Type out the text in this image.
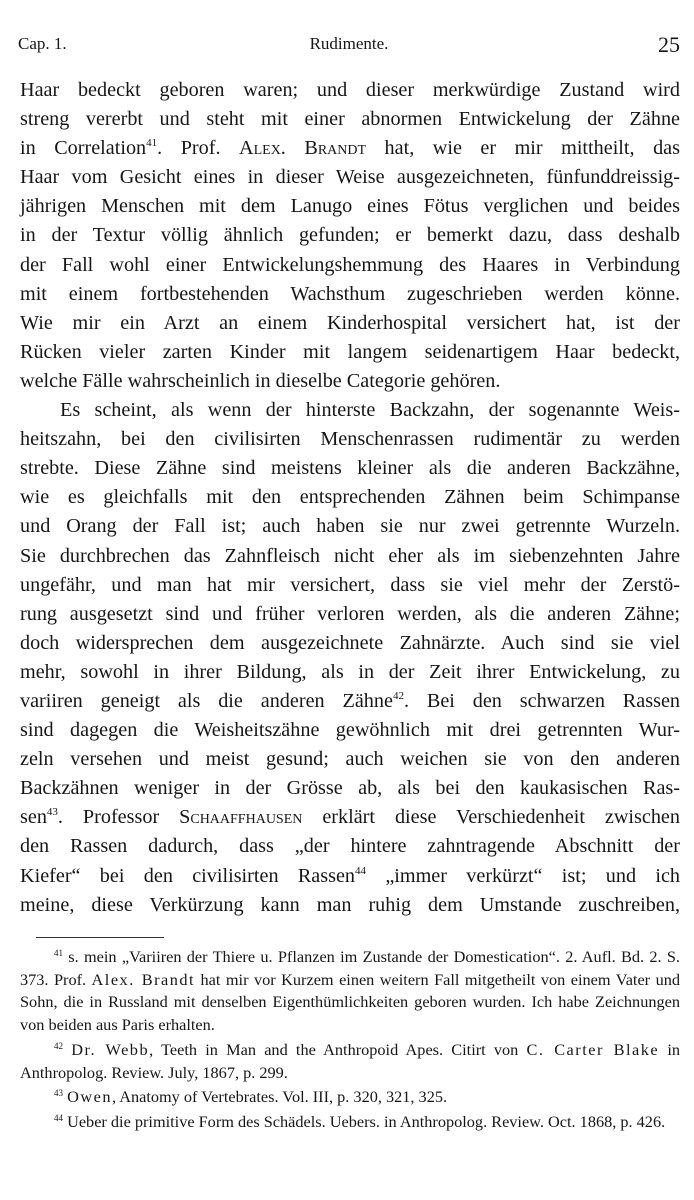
Cap. 1.	Rudimente.	25

Haar bedeckt geboren waren; und dieser merkwürdige Zustand wird

streng vererbt und steht mit einer abnormen Entwickelung der Zähne

in Correlation$^{41}$. Prof. Alex. Brandt hat, wie er mir mittheilt, das

Haar vom Gesicht eines in dieser Weise ausgezeichneten, fünfunddreissig-

jährigen Menschen mit dem Lanugo eines Fötus verglichen und beides

in der Textur völlig ähnlich gefunden; er bemerkt dazu, dass deshalb

der Fall wohl einer Entwickelungshemmung des Haares in Verbindung

mit einem fortbestehenden Wachsthum zugeschrieben werden könne.

Wie mir ein Arzt an einem Kinderhospital versichert hat, ist der

Rücken vieler zarten Kinder mit langem seidenartigem Haar bedeckt,

welche Fälle wahrscheinlich in dieselbe Categorie gehören.

Es scheint, als wenn der hinterste Backzahn, der sogenannte Weis-

heitszahn, bei den civilisirten Menschenrassen rudimentär zu werden

strebte. Diese Zähne sind meistens kleiner als die anderen Backzähne,

wie es gleichfalls mit den entsprechenden Zähnen beim Schimpanse

und Orang der Fall ist; auch haben sie nur zwei getrennte Wurzeln.

Sie durchbrechen das Zahnfleisch nicht eher als im siebenzehnten Jahre

ungefähr, und man hat mir versichert, dass sie viel mehr der Zerstö-

rung ausgesetzt sind und früher verloren werden, als die anderen Zähne;

doch widersprechen dem ausgezeichnete Zahnärzte. Auch sind sie viel

mehr, sowohl in ihrer Bildung, als in der Zeit ihrer Entwickelung, zu

variiren geneigt als die anderen Zähne$^{42}$. Bei den schwarzen Rassen

sind dagegen die Weisheitszähne gewöhnlich mit drei getrennten Wur-

zeln versehen und meist gesund; auch weichen sie von den anderen

Backzähnen weniger in der Grösse ab, als bei den kaukasischen Ras-

sen$^{43}$. Professor Schaaffhausen erklärt diese Verschiedenheit zwischen

den Rassen dadurch, dass „der hintere zahntragende Abschnitt der

Kiefer“ bei den civilisirten Rassen$^{44}$ „immer verkürzt“ ist; und ich

meine, diese Verkürzung kann man ruhig dem Umstande zuschreiben,

$^{41}$ s. mein „Variiren der Thiere u. Pflanzen im Zustande der Domestication“. 2. Aufl. Bd. 2. S. 373. Prof. Alex. Brandt hat mir vor Kurzem einen weitern Fall mitgetheilt von einem Vater und Sohn, die in Russland mit denselben Eigenthümlichkeiten geboren wurden. Ich habe Zeichnungen von beiden aus Paris erhalten.

$^{42}$ Dr. Webb, Teeth in Man and the Anthropoid Apes. Citirt von C. Carter Blake in Anthropolog. Review. July, 1867, p. 299.

$^{43}$ Owen, Anatomy of Vertebrates. Vol. III, p. 320, 321, 325.

$^{44}$ Ueber die primitive Form des Schädels. Uebers. in Anthropolog. Review. Oct. 1868, p. 426.
